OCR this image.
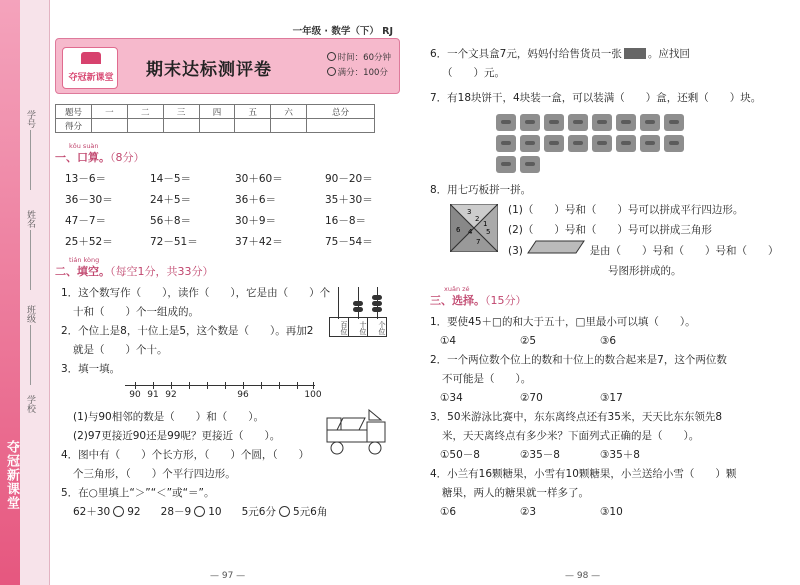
夺冠新课堂
学号
姓名
班级
学校
一年级 · 数学（下） RJ
夺冠新课堂 期末达标测评卷
时间：60分钟
满分：100分
题号	一	二	三	四	五	六	总分
得分							
kǒu suàn
一、口算。（8分）
13－6＝	14－5＝	30＋60＝	90－20＝
36－30＝	24＋5＝	36＋6＝	35＋30＝
47－7＝	56＋8＝	30＋9＝	16－8＝
25＋52＝	72－51＝	37＋42＝	75－54＝
tián kòng
二、填空。（每空1分，共33分）
百位	十位	个位
1．这个数写作（　　），读作（　　），它是由（　　）个
十和（　　）个一组成的。
2．个位上是8，十位上是5，这个数是（　　）。再加2
就是（　　）个十。
3．填一填。
90 91 92	96	100
(1)与90相邻的数是（　　）和（　　）。
(2)97更接近90还是99呢？更接近（　　）。
4．图中有（　　）个长方形，（　　）个圆，（　　）
个三角形，（　　）个平行四边形。
5．在○里填上“＞”“＜”或“＝”。
62＋30 92 28－9 10 5元6分 5元6角
— 97 —
6．一个文具盒7元，妈妈付给售货员一张 。应找回
（　　）元。
7．有18块饼干，4块装一盒，可以装满（　　）盒，还剩（　　）块。
8．用七巧板拼一拼。
3
2
1
6 4
7
5
(1)（　　）号和（　　）号可以拼成平行四边形。
(2)（　　）号和（　　）号可以拼成三角形
(3)	是由（　　）号和（　　）号和（　　）
号图形拼成的。
xuǎn zé
三、选择。（15分）
1．要使45＋□的和大于五十，□里最小可以填（　　）。
①4	②5	③6
2．一个两位数个位上的数和十位上的数合起来是7，这个两位数
不可能是（　　）。
①34	②70	③17
3．50米游泳比赛中，东东离终点还有35米，天天比东东领先8
米，天天离终点有多少米？下面列式正确的是（　　）。
①50－8	②35－8	③35＋8
4．小兰有16颗糖果，小雪有10颗糖果，小兰送给小雪（　　）颗
糖果，两人的糖果就一样多了。
①6	②3	③10
— 98 —
